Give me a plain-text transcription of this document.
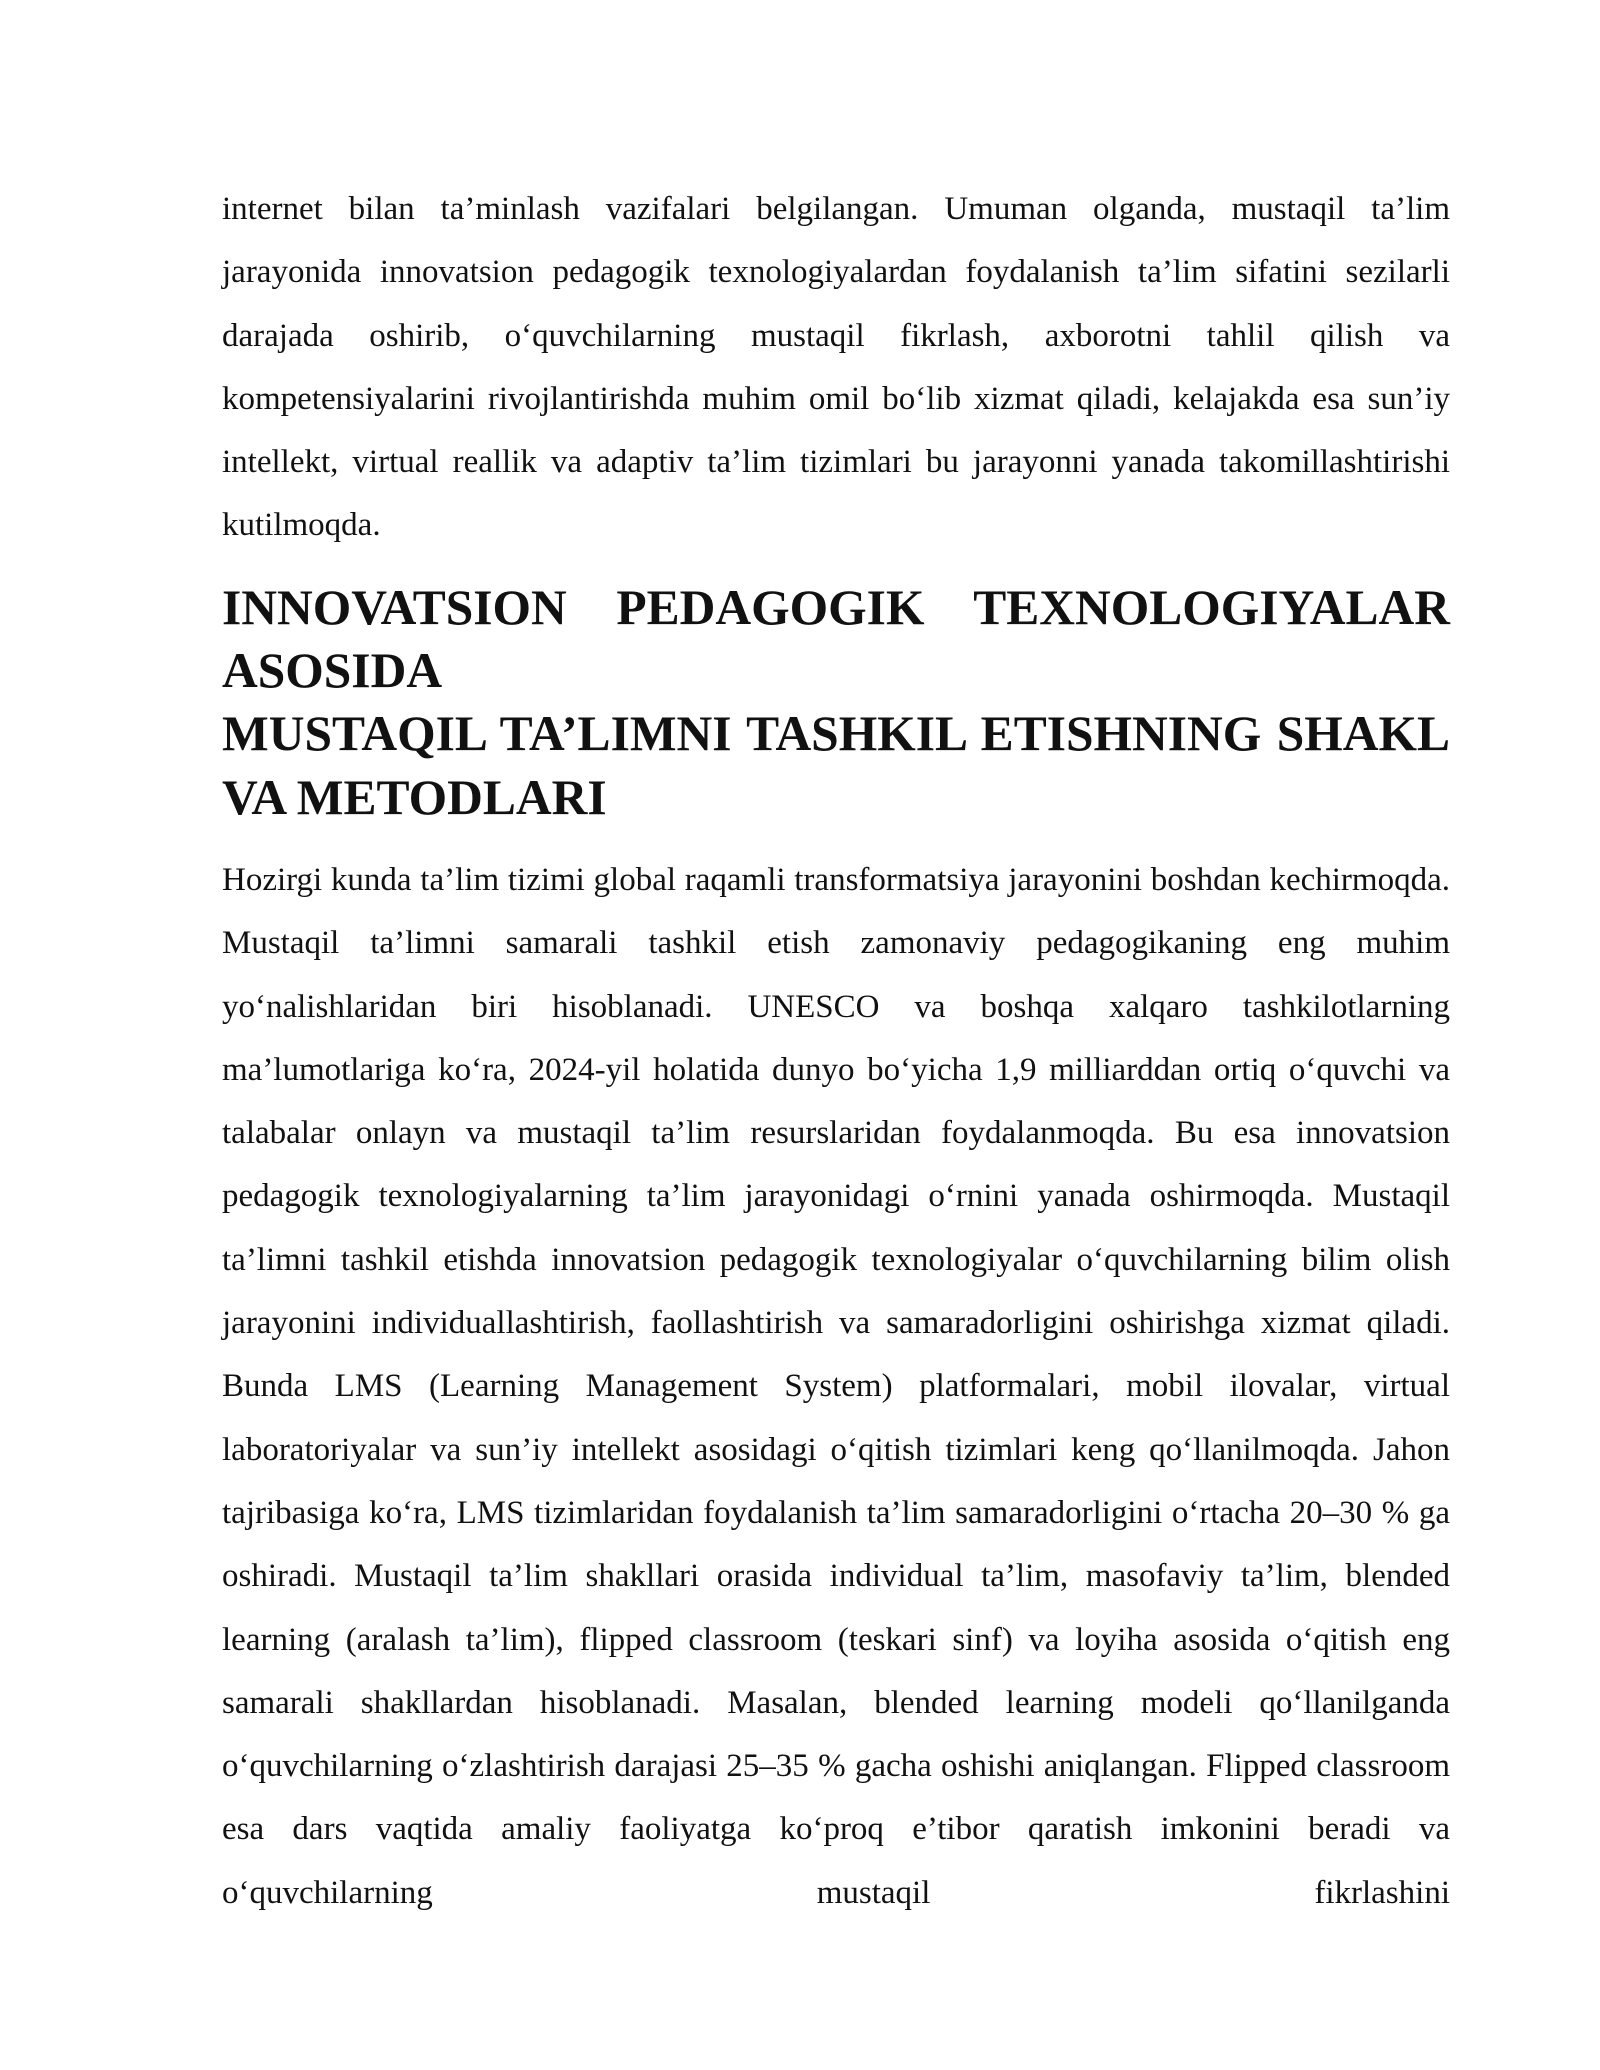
internet bilan ta’minlash vazifalari belgilangan. Umuman olganda, mustaqil ta’lim jarayonida innovatsion pedagogik texnologiyalardan foydalanish ta’lim sifatini sezilarli darajada oshirib, o‘quvchilarning mustaqil fikrlash, axborotni tahlil qilish va kompetensiyalarini rivojlantirishda muhim omil bo‘lib xizmat qiladi, kelajakda esa sun’iy intellekt, virtual reallik va adaptiv ta’lim tizimlari bu jarayonni yanada takomillashtirishi kutilmoqda.

INNOVATSION PEDAGOGIK TEXNOLOGIYALAR ASOSIDA
MUSTAQIL TA’LIMNI TASHKIL ETISHNING SHAKL VA METODLARI

Hozirgi kunda ta’lim tizimi global raqamli transformatsiya jarayonini boshdan kechirmoqda. Mustaqil ta’limni samarali tashkil etish zamonaviy pedagogikaning eng muhim yo‘nalishlaridan biri hisoblanadi. UNESCO va boshqa xalqaro tashkilotlarning ma’lumotlariga ko‘ra, 2024-yil holatida dunyo bo‘yicha 1,9 milliarddan ortiq o‘quvchi va talabalar onlayn va mustaqil ta’lim resurslaridan foydalanmoqda. Bu esa innovatsion pedagogik texnologiyalarning ta’lim jarayonidagi o‘rnini yanada oshirmoqda. Mustaqil ta’limni tashkil etishda innovatsion pedagogik texnologiyalar o‘quvchilarning bilim olish jarayonini individuallashtirish, faollashtirish va samaradorligini oshirishga xizmat qiladi. Bunda LMS (Learning Management System) platformalari, mobil ilovalar, virtual laboratoriyalar va sun’iy intellekt asosidagi o‘qitish tizimlari keng qo‘llanilmoqda. Jahon tajribasiga ko‘ra, LMS tizimlaridan foydalanish ta’lim samaradorligini o‘rtacha 20–30 % ga oshiradi. Mustaqil ta’lim shakllari orasida individual ta’lim, masofaviy ta’lim, blended learning (aralash ta’lim), flipped classroom (teskari sinf) va loyiha asosida o‘qitish eng samarali shakllardan hisoblanadi. Masalan, blended learning modeli qo‘llanilganda o‘quvchilarning o‘zlashtirish darajasi 25–35 % gacha oshishi aniqlangan. Flipped classroom esa dars vaqtida amaliy faoliyatga ko‘proq e’tibor qaratish imkonini beradi va o‘quvchilarning mustaqil fikrlashini
